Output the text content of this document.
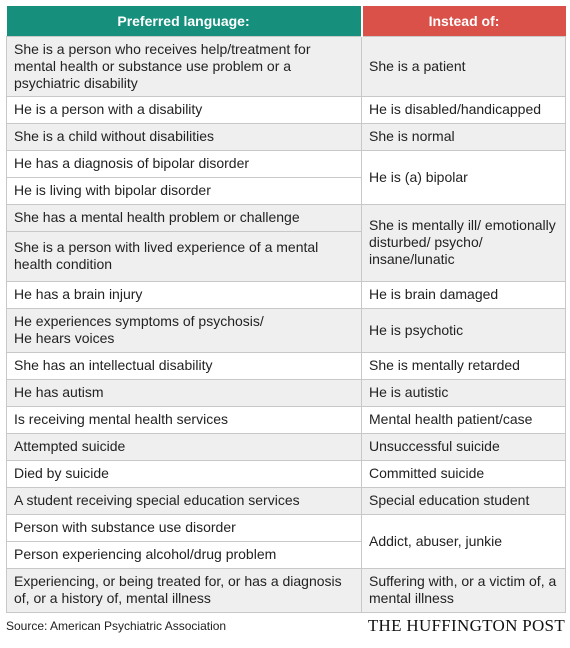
Preferred language:	Instead of:
She is a person who receives help/treatment for mental health or substance use problem or a psychiatric disability	She is a patient
He is a person with a disability	He is disabled/handicapped
She is a child without disabilities	She is normal
He has a diagnosis of bipolar disorder	He is (a) bipolar
He is living with bipolar disorder	
She has a mental health problem or challenge	She is mentally ill/ emotionally disturbed/ psycho/ insane/lunatic
She is a person with lived experience of a mental health condition	
He has a brain injury	He is brain damaged
He experiences symptoms of psychosis/
He hears voices	He is psychotic
She has an intellectual disability	She is mentally retarded
He has autism	He is autistic
Is receiving mental health services	Mental health patient/case
Attempted suicide	Unsuccessful suicide
Died by suicide	Committed suicide
A student receiving special education services	Special education student
Person with substance use disorder	Addict, abuser, junkie
Person experiencing alcohol/drug problem	
Experiencing, or being treated for, or has a diagnosis of, or a history of, mental illness	Suffering with, or a victim of, a mental illness
Source: American Psychiatric Association	THE HUFFINGTON POST
